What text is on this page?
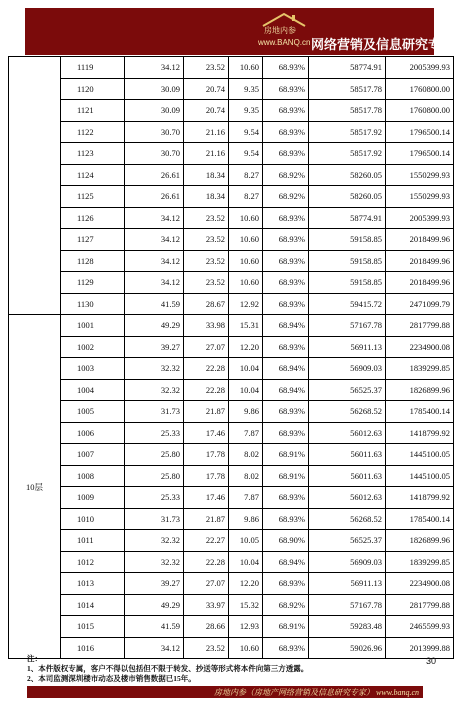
房地内参
www.BANQ.cn 网络营销及信息研究专家
	1119	34.12	23.52	10.60	68.93%	58774.91	2005399.93
	1120	30.09	20.74	9.35	68.93%	58517.78	1760800.00
	1121	30.09	20.74	9.35	68.93%	58517.78	1760800.00
	1122	30.70	21.16	9.54	68.93%	58517.92	1796500.14
	1123	30.70	21.16	9.54	68.93%	58517.92	1796500.14
	1124	26.61	18.34	8.27	68.92%	58260.05	1550299.93
	1125	26.61	18.34	8.27	68.92%	58260.05	1550299.93
	1126	34.12	23.52	10.60	68.93%	58774.91	2005399.93
	1127	34.12	23.52	10.60	68.93%	59158.85	2018499.96
	1128	34.12	23.52	10.60	68.93%	59158.85	2018499.96
	1129	34.12	23.52	10.60	68.93%	59158.85	2018499.96
	1130	41.59	28.67	12.92	68.93%	59415.72	2471099.79
10层	1001	49.29	33.98	15.31	68.94%	57167.78	2817799.88
	1002	39.27	27.07	12.20	68.93%	56911.13	2234900.08
	1003	32.32	22.28	10.04	68.94%	56909.03	1839299.85
	1004	32.32	22.28	10.04	68.94%	56525.37	1826899.96
	1005	31.73	21.87	9.86	68.93%	56268.52	1785400.14
	1006	25.33	17.46	7.87	68.93%	56012.63	1418799.92
	1007	25.80	17.78	8.02	68.91%	56011.63	1445100.05
	1008	25.80	17.78	8.02	68.91%	56011.63	1445100.05
	1009	25.33	17.46	7.87	68.93%	56012.63	1418799.92
	1010	31.73	21.87	9.86	68.93%	56268.52	1785400.14
	1011	32.32	22.27	10.05	68.90%	56525.37	1826899.96
	1012	32.32	22.28	10.04	68.94%	56909.03	1839299.85
	1013	39.27	27.07	12.20	68.93%	56911.13	2234900.08
	1014	49.29	33.97	15.32	68.92%	57167.78	2817799.88
	1015	41.59	28.66	12.93	68.91%	59283.48	2465599.93
	1016	34.12	23.52	10.60	68.93%	59026.96	2013999.88
注：
1、本件版权专属，客户不得以包括但不限于转发、抄送等形式将本件向第三方透露。
2、本司监测深圳楼市动态及楼市销售数据已15年。
30
房地内参（房地产网络营销及信息研究专家） www.banq.cn
